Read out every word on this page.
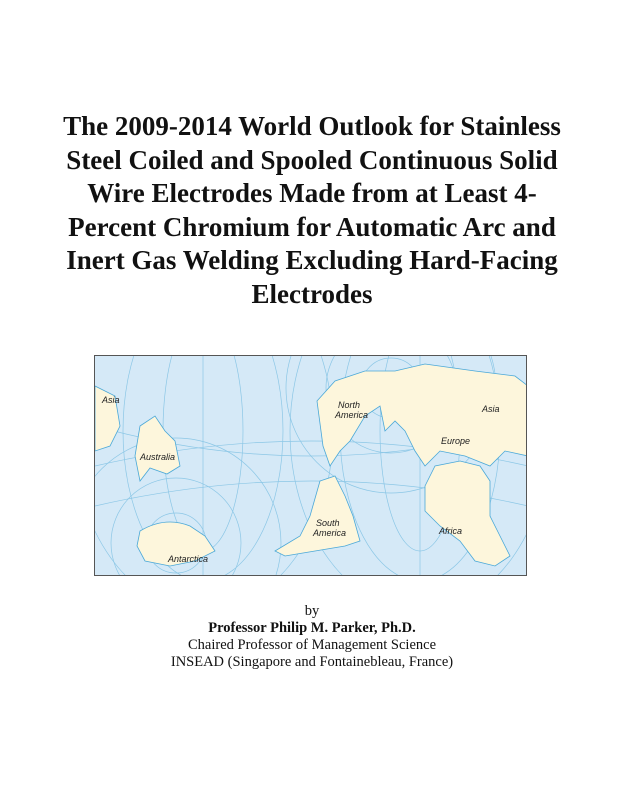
The 2009-2014 World Outlook for Stainless
Steel Coiled and Spooled Continuous Solid
Wire Electrodes Made from at Least 4-
Percent Chromium for Automatic Arc and
Inert Gas Welding Excluding Hard-Facing
Electrodes
Asia
Australia
Antarctica
North America
South America
Asia
Europe
Africa
by
Professor Philip M. Parker, Ph.D.
Chaired Professor of Management Science
INSEAD (Singapore and Fontainebleau, France)
